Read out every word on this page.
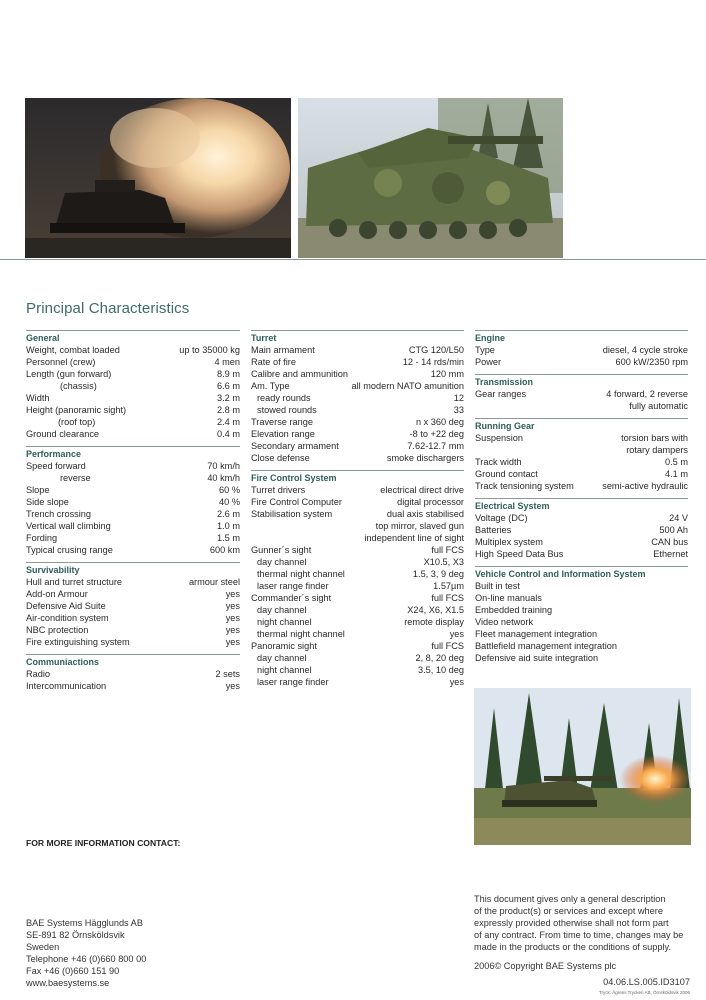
Principal Characteristics
General
Weight, combat loaded	up to 35000 kg
Personnel (crew)	4 men
Length (gun forward)	8.9 m
(chassis)	6.6 m
Width	3.2 m
Height (panoramic sight)	2.8 m
(roof top)	2.4 m
Ground clearance	0.4 m
Performance
Speed forward	70 km/h
reverse	40 km/h
Slope	60 %
Side slope	40 %
Trench crossing	2.6 m
Vertical wall climbing	1.0 m
Fording	1.5 m
Typical crusing range	600 km
Survivability
Hull and turret structure	armour steel
Add-on Armour	yes
Defensive Aid Suite	yes
Air-condition system	yes
NBC protection	yes
Fire extinguishing system	yes
Communiactions
Radio	2 sets
Intercommunication	yes
Turret
Main armament	CTG 120/L50
Rate of fire	12 - 14 rds/min
Calibre and ammunition	120 mm
Am. Type	all modern NATO amunition
ready rounds	12
stowed rounds	33
Traverse range	n x 360 deg
Elevation range	-8 to +22 deg
Secondary armament	7.62-12.7 mm
Close defense	smoke dischargers
Fire Control System
Turret drivers	electrical direct drive
Fire Control Computer	digital processor
Stabilisation system	dual axis stabilised
top mirror, slaved gun
independent line of sight
Gunner´s sight	full FCS
day channel	X10.5, X3
thermal night channel	1.5, 3, 9 deg
laser range finder	1.57µm
Commander´s sight	full FCS
day channel	X24, X6, X1.5
night channel	remote display
thermal night channel	yes
Panoramic sight	full FCS
day channel	2, 8, 20 deg
night channel	3.5, 10 deg
laser range finder	yes
Engine
Type	diesel, 4 cycle stroke
Power	600 kW/2350 rpm
Transmission
Gear ranges	4 forward, 2 reverse
fully automatic
Running Gear
Suspension	torsion bars with
rotary dampers
Track width	0.5 m
Ground contact	4.1 m
Track tensioning system	semi-active hydraulic
Electrical System
Voltage (DC)	24 V
Batteries	500 Ah
Multiplex system	CAN bus
High Speed Data Bus	Ethernet
Vehicle Control and Information System
Built in test
On-line manuals
Embedded training
Video network
Fleet management integration
Battlefield management integration
Defensive aid suite integration
FOR MORE INFORMATION CONTACT:
BAE Systems Hägglunds AB
SE-891 82 Örnsköldsvik
Sweden
Telephone +46 (0)660 800 00
Fax +46 (0)660 151 90
www.baesystems.se
This document gives only a general description
of the product(s) or services and except where
expressly provided otherwise shall not form part
of any contract. From time to time, changes may be
made in the products or the conditions of supply.
2006© Copyright BAE Systems plc
04.06.LS.005.ID3107
Tryck: Ågrens Tryckeri AB, Örnsköldsvik 2006
